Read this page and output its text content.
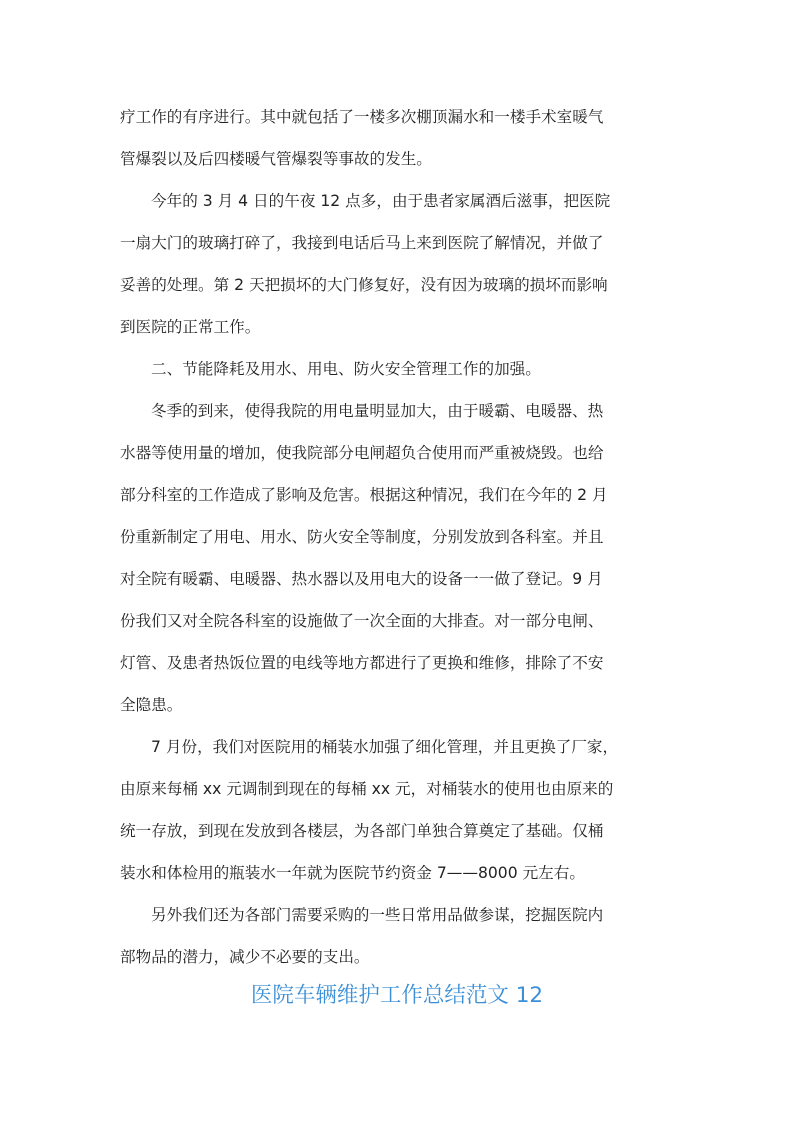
疗工作的有序进行。其中就包括了一楼多次棚顶漏水和一楼手术室暖气
管爆裂以及后四楼暖气管爆裂等事故的发生。
今年的 3 月 4 日的午夜 12 点多，由于患者家属酒后滋事，把医院
一扇大门的玻璃打碎了，我接到电话后马上来到医院了解情况，并做了
妥善的处理。第 2 天把损坏的大门修复好，没有因为玻璃的损坏而影响
到医院的正常工作。
二、节能降耗及用水、用电、防火安全管理工作的加强。
冬季的到来，使得我院的用电量明显加大，由于暖霸、电暖器、热
水器等使用量的增加，使我院部分电闸超负合使用而严重被烧毁。也给
部分科室的工作造成了影响及危害。根据这种情况，我们在今年的 2 月
份重新制定了用电、用水、防火安全等制度，分别发放到各科室。并且
对全院有暖霸、电暖器、热水器以及用电大的设备一一做了登记。9 月
份我们又对全院各科室的设施做了一次全面的大排查。对一部分电闸、
灯管、及患者热饭位置的电线等地方都进行了更换和维修，排除了不安
全隐患。
7 月份，我们对医院用的桶装水加强了细化管理，并且更换了厂家，
由原来每桶 xx 元调制到现在的每桶 xx 元，对桶装水的使用也由原来的
统一存放，到现在发放到各楼层，为各部门单独合算奠定了基础。仅桶
装水和体检用的瓶装水一年就为医院节约资金 7——8000 元左右。
另外我们还为各部门需要采购的一些日常用品做参谋，挖掘医院内
部物品的潜力，减少不必要的支出。
医院车辆维护工作总结范文 12
